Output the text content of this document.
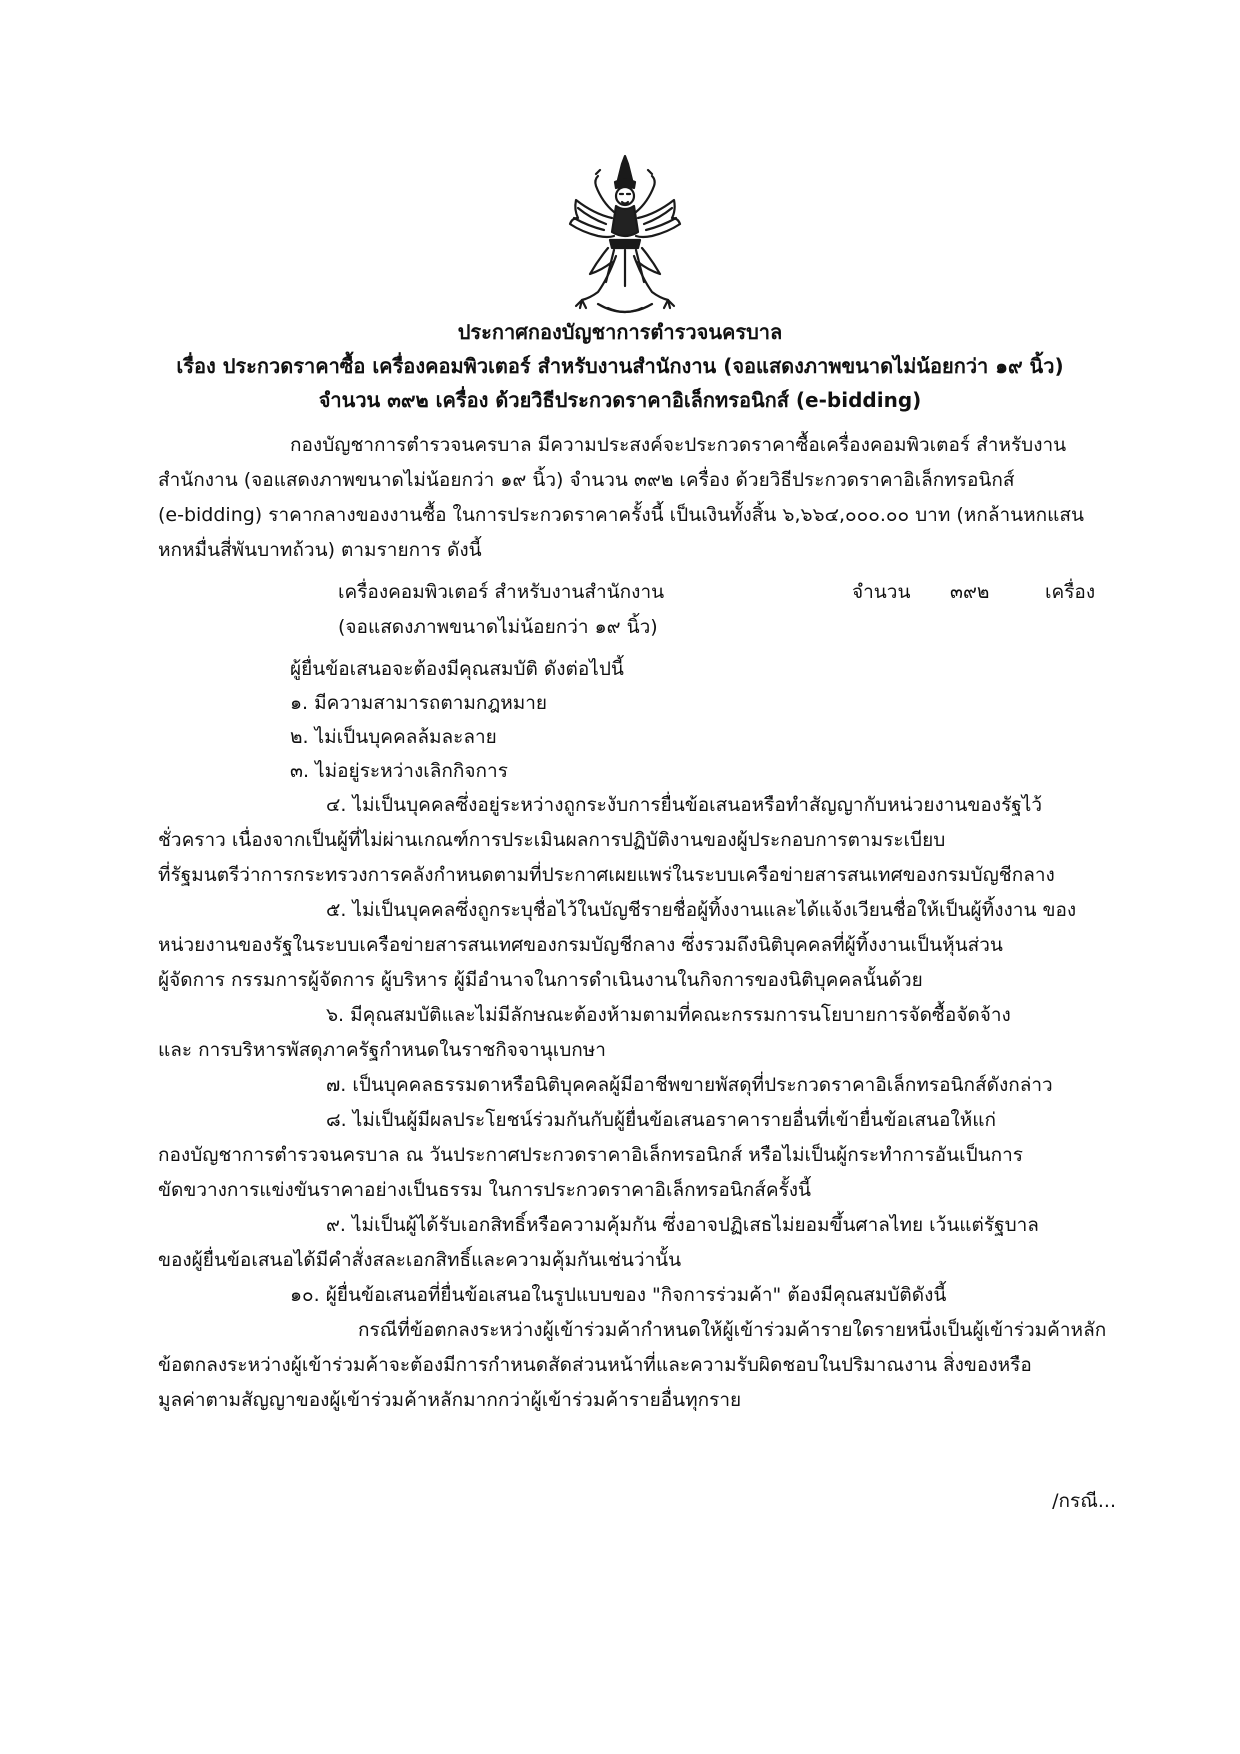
ประกาศกองบัญชาการตำรวจนครบาล
เรื่อง ประกวดราคาซื้อ เครื่องคอมพิวเตอร์ สำหรับงานสำนักงาน (จอแสดงภาพขนาดไม่น้อยกว่า ๑๙ นิ้ว)
จำนวน ๓๙๒ เครื่อง ด้วยวิธีประกวดราคาอิเล็กทรอนิกส์ (e-bidding)
กองบัญชาการตำรวจนครบาล มีความประสงค์จะประกวดราคาซื้อเครื่องคอมพิวเตอร์ สำหรับงาน
สำนักงาน (จอแสดงภาพขนาดไม่น้อยกว่า ๑๙ นิ้ว) จำนวน ๓๙๒ เครื่อง ด้วยวิธีประกวดราคาอิเล็กทรอนิกส์
(e-bidding) ราคากลางของงานซื้อ ในการประกวดราคาครั้งนี้ เป็นเงินทั้งสิ้น ๖,๖๖๔,๐๐๐.๐๐ บาท (หกล้านหกแสน
หกหมื่นสี่พันบาทถ้วน) ตามรายการ ดังนี้
เครื่องคอมพิวเตอร์ สำหรับงานสำนักงาน	จำนวน ๓๙๒	เครื่อง
(จอแสดงภาพขนาดไม่น้อยกว่า ๑๙ นิ้ว)
ผู้ยื่นข้อเสนอจะต้องมีคุณสมบัติ ดังต่อไปนี้
๑. มีความสามารถตามกฎหมาย
๒. ไม่เป็นบุคคลล้มละลาย
๓. ไม่อยู่ระหว่างเลิกกิจการ
๔. ไม่เป็นบุคคลซึ่งอยู่ระหว่างถูกระงับการยื่นข้อเสนอหรือทำสัญญากับหน่วยงานของรัฐไว้
ชั่วคราว เนื่องจากเป็นผู้ที่ไม่ผ่านเกณฑ์การประเมินผลการปฏิบัติงานของผู้ประกอบการตามระเบียบ
ที่รัฐมนตรีว่าการกระทรวงการคลังกำหนดตามที่ประกาศเผยแพร่ในระบบเครือข่ายสารสนเทศของกรมบัญชีกลาง
๕. ไม่เป็นบุคคลซึ่งถูกระบุชื่อไว้ในบัญชีรายชื่อผู้ทิ้งงานและได้แจ้งเวียนชื่อให้เป็นผู้ทิ้งงาน ของ
หน่วยงานของรัฐในระบบเครือข่ายสารสนเทศของกรมบัญชีกลาง ซึ่งรวมถึงนิติบุคคลที่ผู้ทิ้งงานเป็นหุ้นส่วน
ผู้จัดการ กรรมการผู้จัดการ ผู้บริหาร ผู้มีอำนาจในการดำเนินงานในกิจการของนิติบุคคลนั้นด้วย
๖. มีคุณสมบัติและไม่มีลักษณะต้องห้ามตามที่คณะกรรมการนโยบายการจัดซื้อจัดจ้าง
และ การบริหารพัสดุภาครัฐกำหนดในราชกิจจานุเบกษา
๗. เป็นบุคคลธรรมดาหรือนิติบุคคลผู้มีอาชีพขายพัสดุที่ประกวดราคาอิเล็กทรอนิกส์ดังกล่าว
๘. ไม่เป็นผู้มีผลประโยชน์ร่วมกันกับผู้ยื่นข้อเสนอราคารายอื่นที่เข้ายื่นข้อเสนอให้แก่
กองบัญชาการตำรวจนครบาล ณ วันประกาศประกวดราคาอิเล็กทรอนิกส์ หรือไม่เป็นผู้กระทำการอันเป็นการ
ขัดขวางการแข่งขันราคาอย่างเป็นธรรม ในการประกวดราคาอิเล็กทรอนิกส์ครั้งนี้
๙. ไม่เป็นผู้ได้รับเอกสิทธิ์หรือความคุ้มกัน ซึ่งอาจปฏิเสธไม่ยอมขึ้นศาลไทย เว้นแต่รัฐบาล
ของผู้ยื่นข้อเสนอได้มีคำสั่งสละเอกสิทธิ์และความคุ้มกันเช่นว่านั้น
๑๐. ผู้ยื่นข้อเสนอที่ยื่นข้อเสนอในรูปแบบของ "กิจการร่วมค้า" ต้องมีคุณสมบัติดังนี้
กรณีที่ข้อตกลงระหว่างผู้เข้าร่วมค้ากำหนดให้ผู้เข้าร่วมค้ารายใดรายหนึ่งเป็นผู้เข้าร่วมค้าหลัก
ข้อตกลงระหว่างผู้เข้าร่วมค้าจะต้องมีการกำหนดสัดส่วนหน้าที่และความรับผิดชอบในปริมาณงาน สิ่งของหรือ
มูลค่าตามสัญญาของผู้เข้าร่วมค้าหลักมากกว่าผู้เข้าร่วมค้ารายอื่นทุกราย
/กรณี...
